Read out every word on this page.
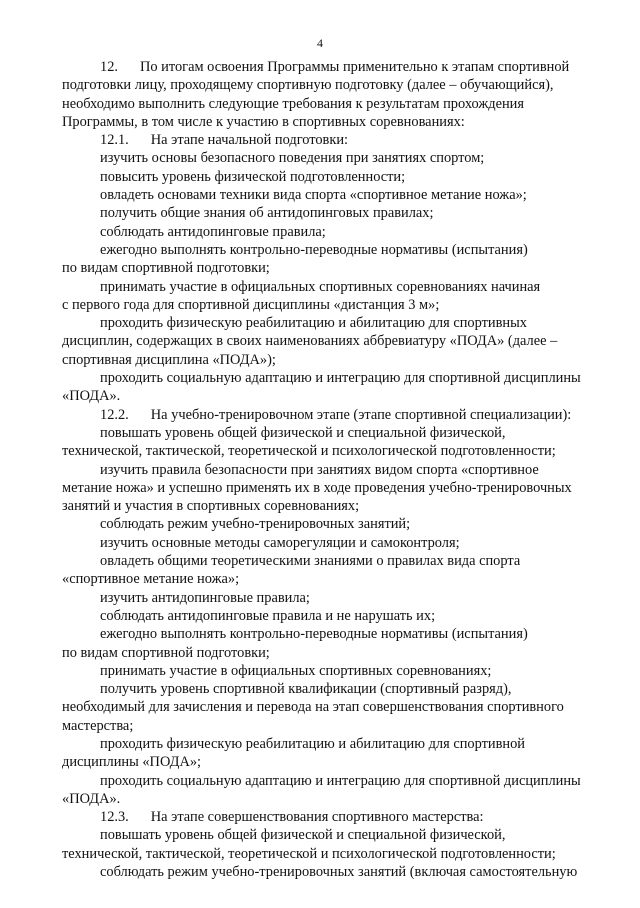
4
12. По итогам освоения Программы применительно к этапам спортивной
подготовки лицу, проходящему спортивную подготовку (далее – обучающийся),
необходимо выполнить следующие требования к результатам прохождения
Программы, в том числе к участию в спортивных соревнованиях:
12.1. На этапе начальной подготовки:
изучить основы безопасного поведения при занятиях спортом;
повысить уровень физической подготовленности;
овладеть основами техники вида спорта «спортивное метание ножа»;
получить общие знания об антидопинговых правилах;
соблюдать антидопинговые правила;
ежегодно выполнять контрольно-переводные нормативы (испытания)
по видам спортивной подготовки;
принимать участие в официальных спортивных соревнованиях начиная
с первого года для спортивной дисциплины «дистанция 3 м»;
проходить физическую реабилитацию и абилитацию для спортивных
дисциплин, содержащих в своих наименованиях аббревиатуру «ПОДА» (далее –
спортивная дисциплина «ПОДА»);
проходить социальную адаптацию и интеграцию для спортивной дисциплины
«ПОДА».
12.2. На учебно-тренировочном этапе (этапе спортивной специализации):
повышать уровень общей физической и специальной физической,
технической, тактической, теоретической и психологической подготовленности;
изучить правила безопасности при занятиях видом спорта «спортивное
метание ножа» и успешно применять их в ходе проведения учебно-тренировочных
занятий и участия в спортивных соревнованиях;
соблюдать режим учебно-тренировочных занятий;
изучить основные методы саморегуляции и самоконтроля;
овладеть общими теоретическими знаниями о правилах вида спорта
«спортивное метание ножа»;
изучить антидопинговые правила;
соблюдать антидопинговые правила и не нарушать их;
ежегодно выполнять контрольно-переводные нормативы (испытания)
по видам спортивной подготовки;
принимать участие в официальных спортивных соревнованиях;
получить уровень спортивной квалификации (спортивный разряд),
необходимый для зачисления и перевода на этап совершенствования спортивного
мастерства;
проходить физическую реабилитацию и абилитацию для спортивной
дисциплины «ПОДА»;
проходить социальную адаптацию и интеграцию для спортивной дисциплины
«ПОДА».
12.3. На этапе совершенствования спортивного мастерства:
повышать уровень общей физической и специальной физической,
технической, тактической, теоретической и психологической подготовленности;
соблюдать режим учебно-тренировочных занятий (включая самостоятельную
